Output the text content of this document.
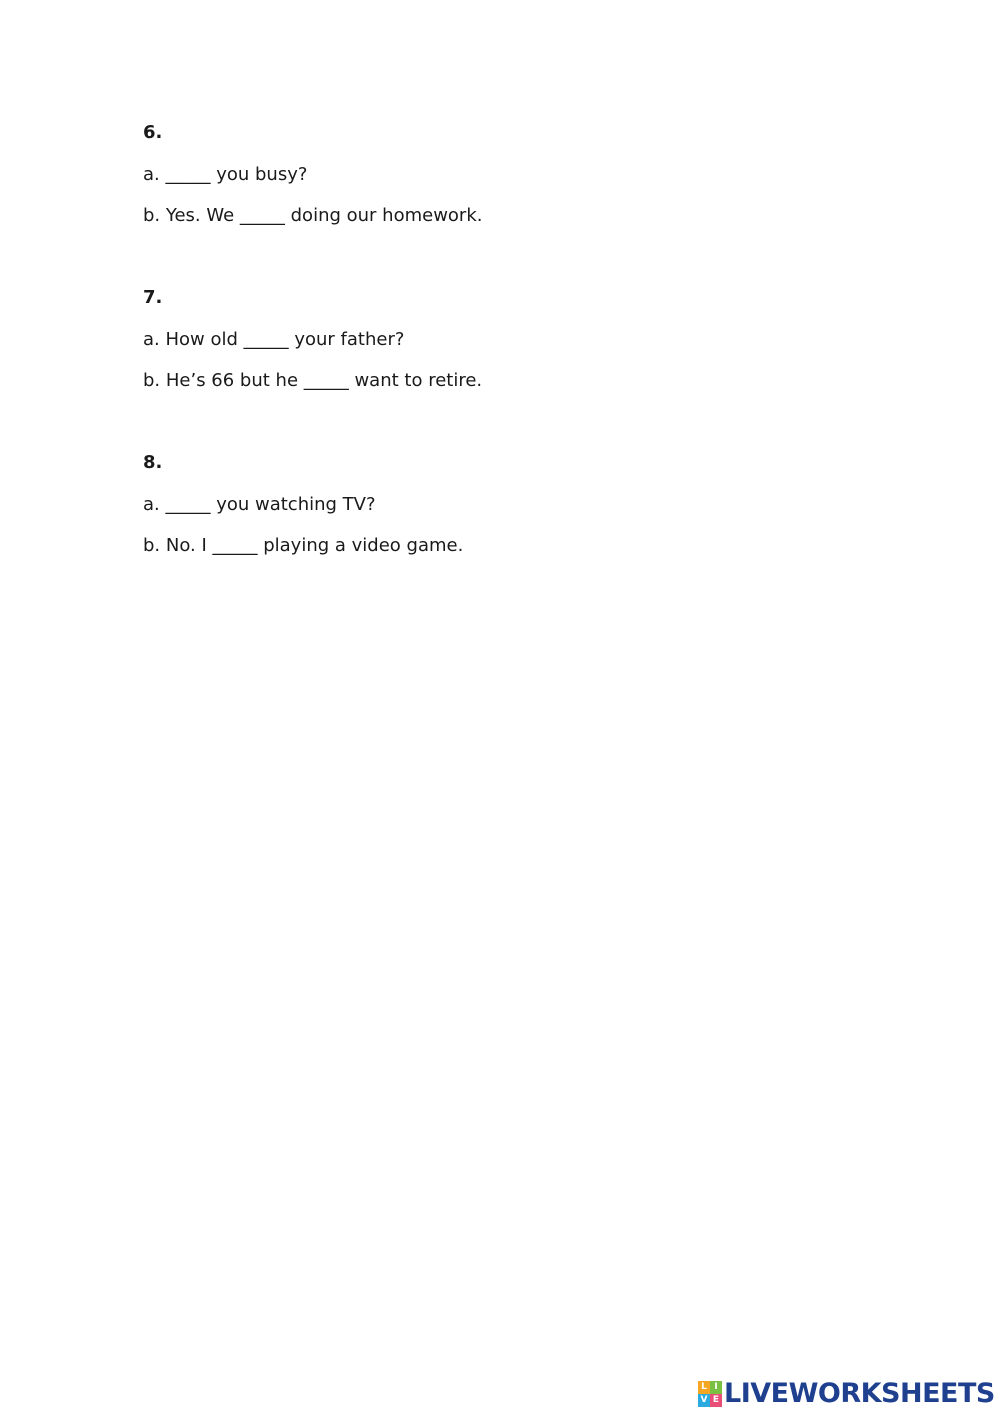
6.
a. _____ you busy?
b. Yes. We _____ doing our homework.
7.
a. How old _____ your father?
b. He’s 66 but he _____ want to retire.
8.
a. _____ you watching TV?
b. No. I _____ playing a video game.
L I
V E LIVEWORKSHEETS
